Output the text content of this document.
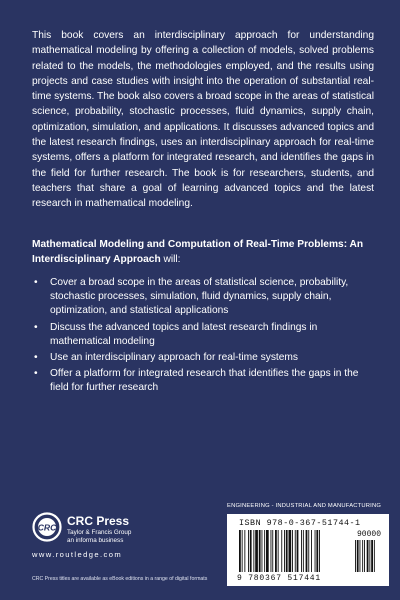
This book covers an interdisciplinary approach for understanding mathematical modeling by offering a collection of models, solved problems related to the models, the methodologies employed, and the results using projects and case studies with insight into the operation of substantial real-time systems. The book also covers a broad scope in the areas of statistical science, probability, stochastic processes, fluid dynamics, supply chain, optimization, simulation, and applications. It discusses advanced topics and the latest research findings, uses an interdisciplinary approach for real-time systems, offers a platform for integrated research, and identifies the gaps in the field for further research. The book is for researchers, students, and teachers that share a goal of learning advanced topics and the latest research in mathematical modeling.

Mathematical Modeling and Computation of Real-Time Problems: An Interdisciplinary Approach will:

•	Cover a broad scope in the areas of statistical science, probability, stochastic processes, simulation, fluid dynamics, supply chain, optimization, and statistical applications
•	Discuss the advanced topics and latest research findings in mathematical modeling
•	Use an interdisciplinary approach for real-time systems
•	Offer a platform for integrated research that identifies the gaps in the field for further research
CRC CRC Press
Taylor & Francis Group
an informa business
www.routledge.com
CRC Press titles are available as eBook editions in a range of digital formats
ENGINEERING - INDUSTRIAL AND MANUFACTURING
ISBN 978-0-367-51744-1
9 780367 517441
90000
